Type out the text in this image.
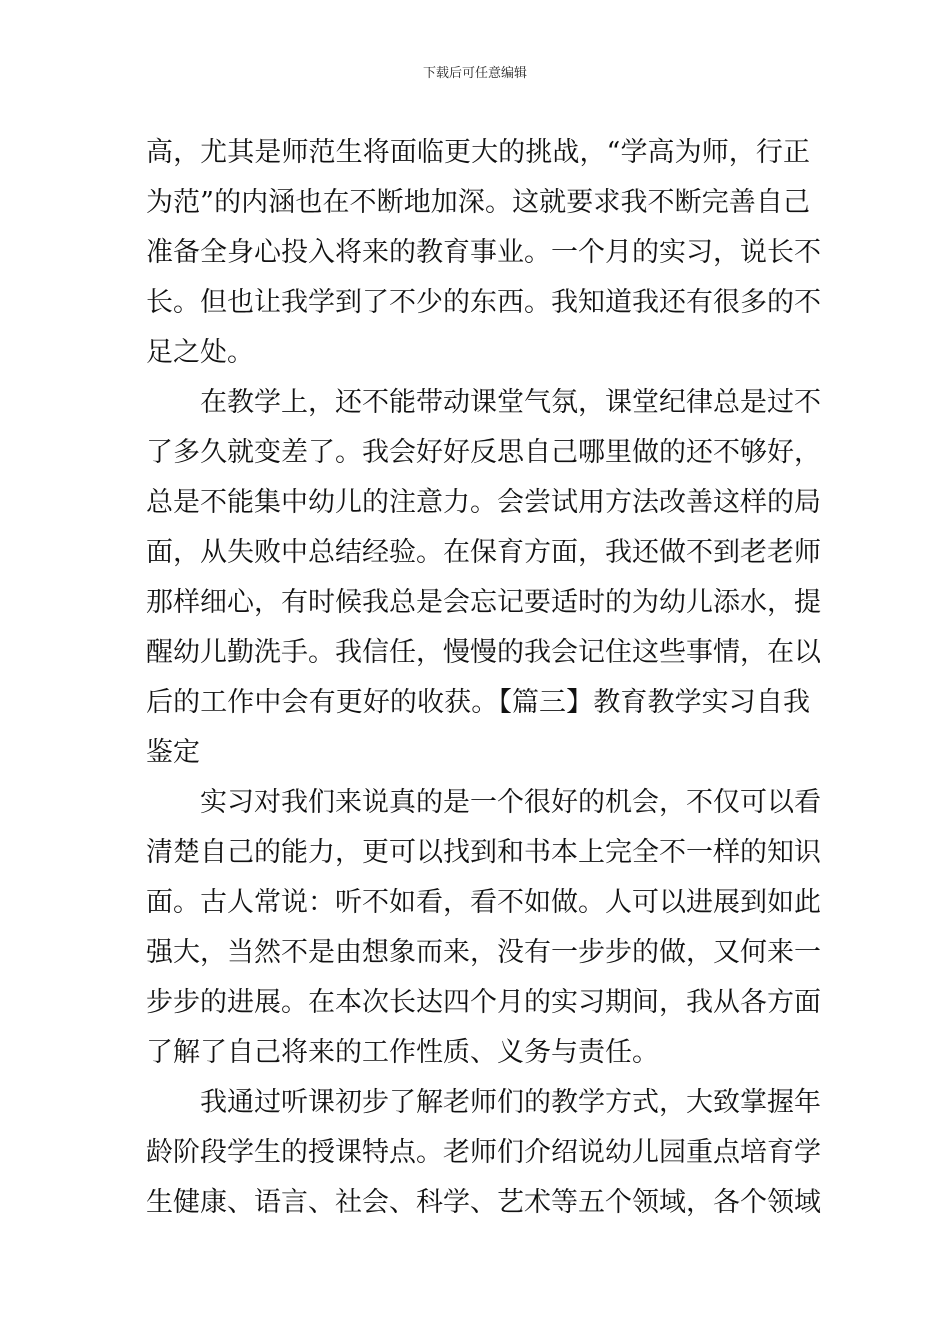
下载后可任意编辑
高，尤其是师范生将面临更大的挑战，“学高为师，行正
为范”的内涵也在不断地加深。这就要求我不断完善自己
准备全身心投入将来的教育事业。一个月的实习，说长不
长。但也让我学到了不少的东西。我知道我还有很多的不
足之处。
在教学上，还不能带动课堂气氛，课堂纪律总是过不
了多久就变差了。我会好好反思自己哪里做的还不够好，
总是不能集中幼儿的注意力。会尝试用方法改善这样的局
面，从失败中总结经验。在保育方面，我还做不到老老师
那样细心，有时候我总是会忘记要适时的为幼儿添水，提
醒幼儿勤洗手。我信任，慢慢的我会记住这些事情，在以
后的工作中会有更好的收获。【篇三】教育教学实习自我
鉴定
实习对我们来说真的是一个很好的机会，不仅可以看
清楚自己的能力，更可以找到和书本上完全不一样的知识
面。古人常说：听不如看，看不如做。人可以进展到如此
强大，当然不是由想象而来，没有一步步的做，又何来一
步步的进展。在本次长达四个月的实习期间，我从各方面
了解了自己将来的工作性质、义务与责任。
我通过听课初步了解老师们的教学方式，大致掌握年
龄阶段学生的授课特点。老师们介绍说幼儿园重点培育学
生健康、语言、社会、科学、艺术等五个领域，各个领域
